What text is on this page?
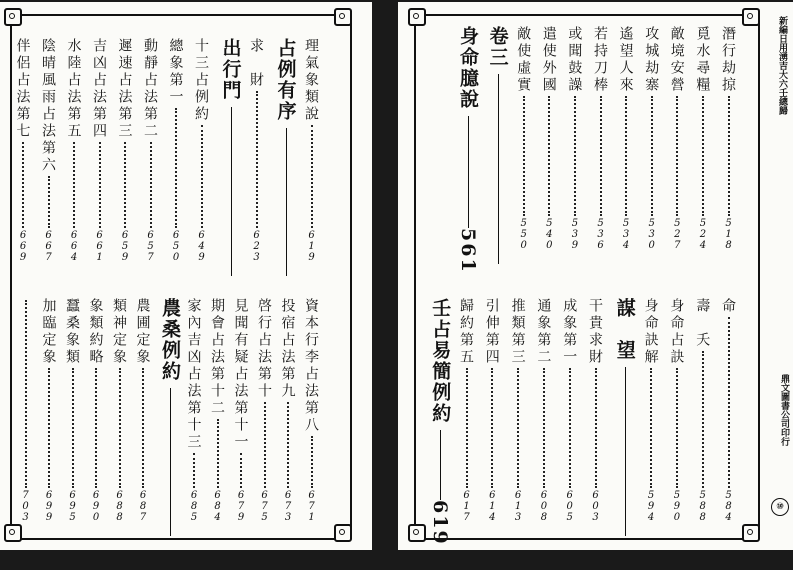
理氣象類說619
占例有序
求　財623
出行門
十三占例約649
總象第一650
動靜占法第二657
遲速占法第三659
吉凶占法第四661
水陸占法第五664
陰晴風雨占法第六667
伴侶占法第七669
資本行李占法第八671
投宿占法第九673
啓行占法第十675
見聞有疑占法第十一679
期會占法第十二684
家內吉凶占法第十三685
農桑例約
農圃定象687
類神定象688
象類約略690
蠶桑象類695
加臨定象699
703
新編日用湧吉大六壬總歸
鼎文圖書公司印行
⑩
潛行劫掠518
覓水尋糧524
敵境安營527
攻城劫寨530
遙望人來534
若持刀棒536
或聞鼓譟539
遣使外國540
敵使虛實550
卷三
身命臆說561
命584
壽　夭588
身命占訣590
身命訣解594
謀　望
干貴求財603
成象第一605
通象第二608
推類第三613
引伸第四614
歸約第五617
壬占易簡例約619
